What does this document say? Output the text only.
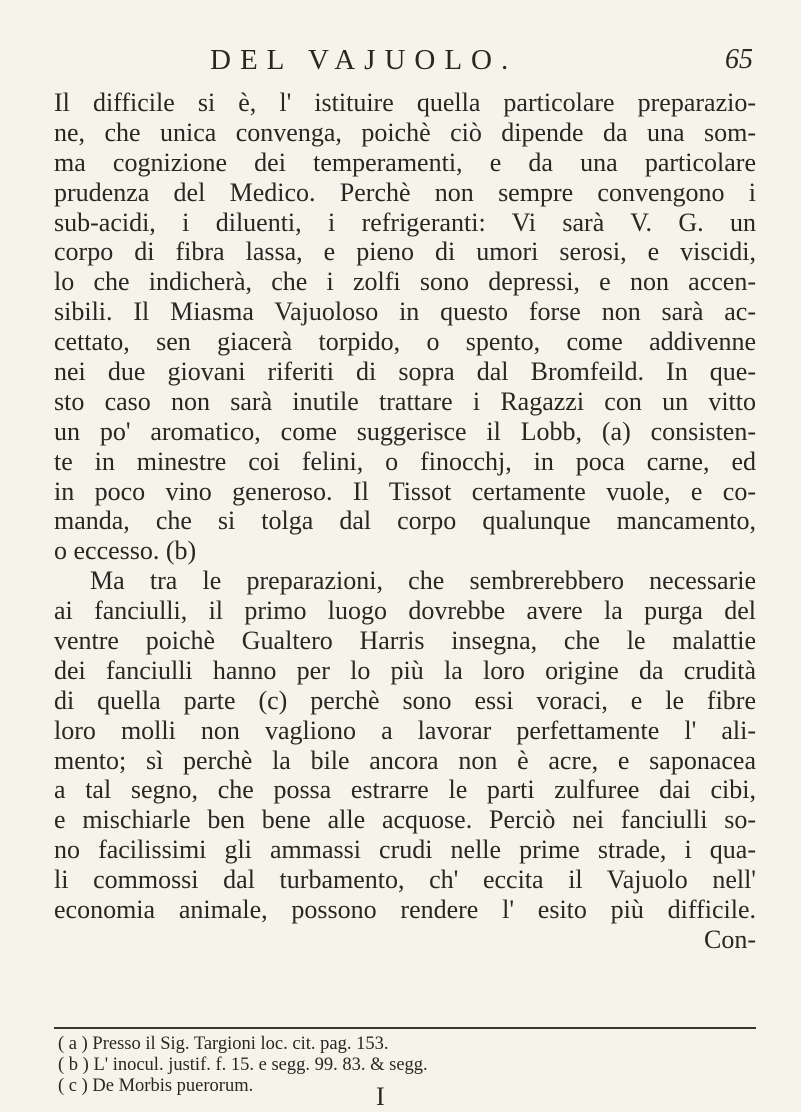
DEL VAJUOLO.	65
Il difficile si è, l' istituire quella particolare preparazio-
ne, che unica convenga, poichè ciò dipende da una som-
ma cognizione dei temperamenti, e da una particolare
prudenza del Medico. Perchè non sempre convengono i
sub-acidi, i diluenti, i refrigeranti: Vi sarà V. G. un
corpo di fibra lassa, e pieno di umori serosi, e viscidi,
lo che indicherà, che i zolfi sono depressi, e non accen-
sibili. Il Miasma Vajuoloso in questo forse non sarà ac-
cettato, sen giacerà torpido, o spento, come addivenne
nei due giovani riferiti di sopra dal Bromfeild. In que-
sto caso non sarà inutile trattare i Ragazzi con un vitto
un po' aromatico, come suggerisce il Lobb, (a) consisten-
te in minestre coi felini, o finocchj, in poca carne, ed
in poco vino generoso. Il Tissot certamente vuole, e co-
manda, che si tolga dal corpo qualunque mancamento,
o eccesso. (b)
Ma tra le preparazioni, che sembrerebbero necessarie
ai fanciulli, il primo luogo dovrebbe avere la purga del
ventre poichè Gualtero Harris insegna, che le malattie
dei fanciulli hanno per lo più la loro origine da crudità
di quella parte (c) perchè sono essi voraci, e le fibre
loro molli non vagliono a lavorar perfettamente l' ali-
mento; sì perchè la bile ancora non è acre, e saponacea
a tal segno, che possa estrarre le parti zulfuree dai cibi,
e mischiarle ben bene alle acquose. Perciò nei fanciulli so-
no facilissimi gli ammassi crudi nelle prime strade, i qua-
li commossi dal turbamento, ch' eccita il Vajuolo nell'
economia animale, possono rendere l' esito più difficile.
Con-
( a ) Presso il Sig. Targioni loc. cit. pag. 153.
( b ) L' inocul. justif. f. 15. e segg. 99. 83. & segg.
( c ) De Morbis puerorum.	I
